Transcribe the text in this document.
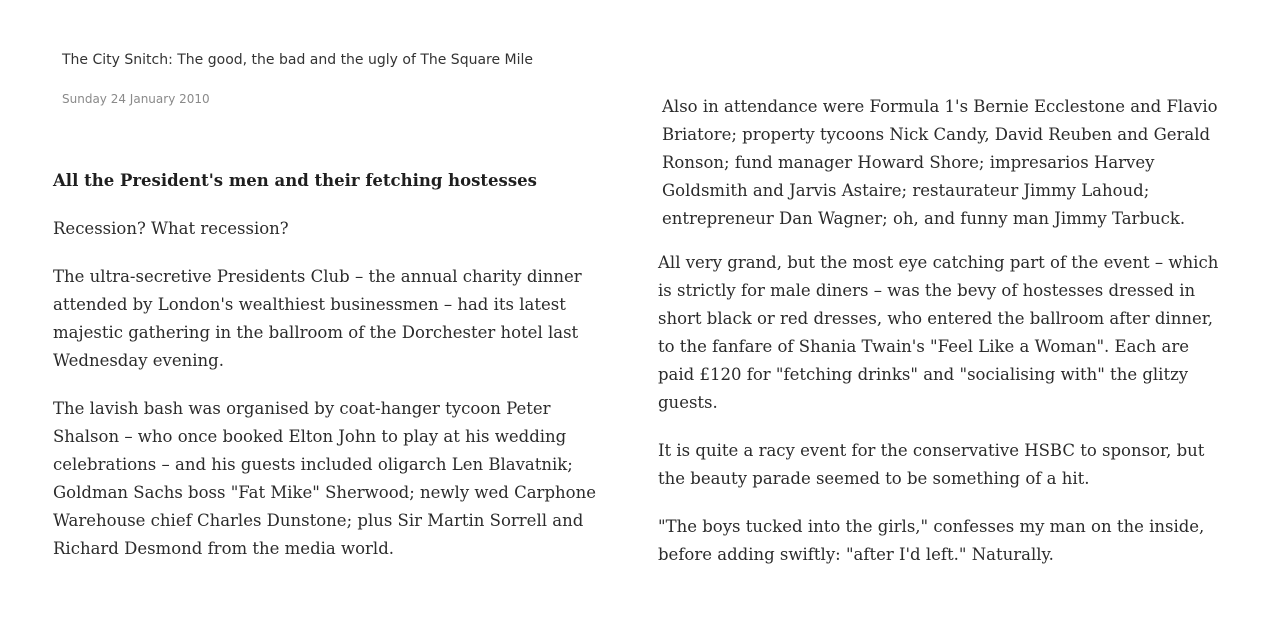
The City Snitch: The good, the bad and the ugly of The Square Mile
Sunday 24 January 2010
All the President's men and their fetching hostesses

Recession? What recession?

The ultra-secretive Presidents Club – the annual charity dinner attended by London's wealthiest businessmen – had its latest majestic gathering in the ballroom of the Dorchester hotel last Wednesday evening.

The lavish bash was organised by coat-hanger tycoon Peter Shalson – who once booked Elton John to play at his wedding celebrations – and his guests included oligarch Len Blavatnik; Goldman Sachs boss "Fat Mike" Sherwood; newly wed Carphone Warehouse chief Charles Dunstone; plus Sir Martin Sorrell and Richard Desmond from the media world.

Also in attendance were Formula 1's Bernie Ecclestone and Flavio Briatore; property tycoons Nick Candy, David Reuben and Gerald Ronson; fund manager Howard Shore; impresarios Harvey Goldsmith and Jarvis Astaire; restaurateur Jimmy Lahoud; entrepreneur Dan Wagner; oh, and funny man Jimmy Tarbuck.

All very grand, but the most eye catching part of the event – which is strictly for male diners – was the bevy of hostesses dressed in short black or red dresses, who entered the ballroom after dinner, to the fanfare of Shania Twain's "Feel Like a Woman". Each are paid £120 for "fetching drinks" and "socialising with" the glitzy guests.

It is quite a racy event for the conservative HSBC to sponsor, but the beauty parade seemed to be something of a hit.

"The boys tucked into the girls," confesses my man on the inside, before adding swiftly: "after I'd left." Naturally.
